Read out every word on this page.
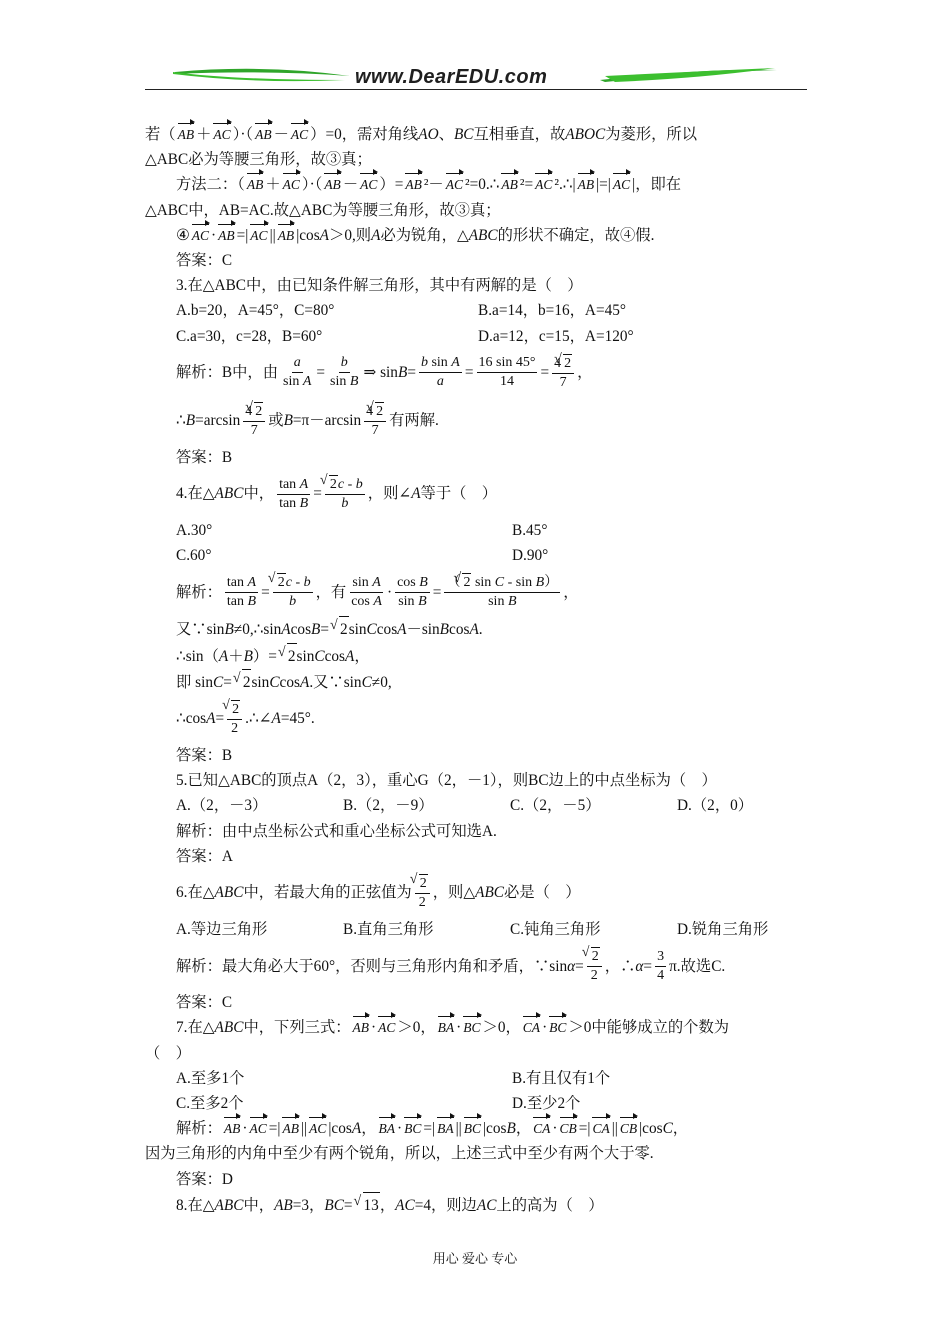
www.DearEDU.com
若（ AB ＋ AC ）·（ AB － AC ）=0，需对角线AO、BC互相垂直，故ABOC为菱形，所以
△ABC必为等腰三角形，故③真；
方法二：（ AB ＋ AC ）·（ AB － AC ）= AB ²－ AC ²=0.∴ AB ²= AC ².∴| AB |=| AC |，即在
△ABC中，AB=AC.故△ABC为等腰三角形，故③真；
④ AC · AB =| AC || AB |cosA＞0,则A必为锐角，△ABC的形状不确定，故④假.
答案：C
3.在△ABC中，由已知条件解三角形，其中有两解的是（　）
A.b=20，A=45°，C=80°	B.a=14，b=16，A=45°
C.a=30，c=28，B=60°	D.a=12，c=15，A=120°
解析：B中，由 $\frac{a}{\text{sin A}} = \frac{b}{\text{sin B}}$ ⇒ $\sin B = \frac{\text{b sin A}}{a} = \frac{16 \sin 45^\circ}{14} = \frac{4 √ 2}{7}$ ，
∴ $B =\arcsin \frac{4 √ 2}{7}$ 或 $B =\pi-\arcsin \frac{4 √ 2}{7}$ 有两解.
答案：B
4.在△ ABC 中， $\frac{\text{tan A}}{\text{tan B}}$ = √ $\frac{2c - b}{b}$ ，则∠ A 等于（　）
A.30°	B.45°
C.60°	D.90°
解析： $\frac{\text{tan A}}{\text{tan B}}$ = √ $\frac{2c - b}{b}$ ，有 $\frac{\text{sin A}}{\text{cos A}} \cdot \frac{\text{cos B}}{\text{sin B}} = \frac{\text{（ √ 2 sin C - sin B）}}{\text{sin B}}$ ，
又∵sinB≠0,∴sinAcosB= √ 2sinCcosA－sinBcosA.
∴sin（A＋B）= √ 2sinCcosA，
即 sinC= √ 2sinCcosA.又∵sinC≠0,
∴cos A = √ $\frac{2}{2}$ .∴∠ A =45°.
答案：B
5.已知△ABC的顶点A（2，3），重心G（2，－1），则BC边上的中点坐标为（　）
A.（2，－3）	B.（2，－9）	C.（2，－5）	D.（2，0）
解析：由中点坐标公式和重心坐标公式可知选A.
答案：A
6.在△ ABC 中，若最大角的正弦值为 √ $\frac{2}{2}$ ，则△ ABC 必是（　）
A.等边三角形	B.直角三角形	C.钝角三角形	D.锐角三角形
解析：最大角必大于60°，否则与三角形内角和矛盾，∵sin α = √ $\frac{2}{2}$ ，∴ $\alpha = \frac{3}{4} \pi$.故选C.
答案：C
7.在△ABC中，下列三式： AB · AC ＞0， BA · BC ＞0， CA · BC ＞0中能够成立的个数为
（　）
A.至多1个	B.有且仅有1个
C.至多2个	D.至少2个
解析： AB · AC =| AB || AC |cosA， BA · BC =| BA || BC |cosB， CA · CB =| CA || CB |cosC，
因为三角形的内角中至少有两个锐角，所以，上述三式中至少有两个大于零.
答案：D
8.在△ABC中，AB=3，BC= √ 13，AC=4，则边AC上的高为（　）
用心 爱心 专心
